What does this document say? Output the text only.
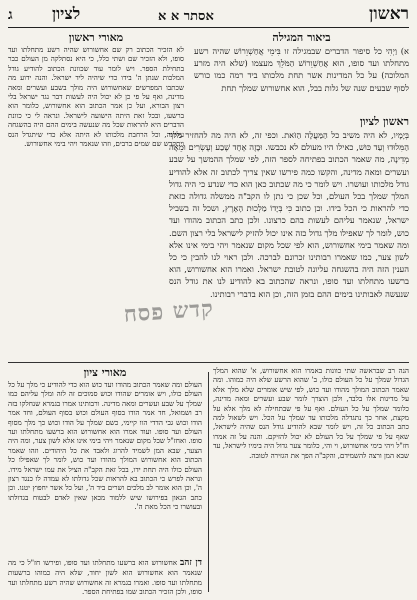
ראשון
אסתר א א
לציון
ג
ביאור המגילה

א) וַיְהִי כל סיפור הדברים שבמגילה זו בִּימֵי אֲחַשְׁוֵרוֹשׁ שהיה רשע מתחלתו ועד סופו, הוּא אֲחַשְׁוֵרוֹשׁ הַמֹּלֵךְ מעצמו (שלא היה מזרע המלוכה) על כל המדינות אשר תחת מלכותו ביד רמה כמו כורש לסוף שבעים שנה של גלות בבל, הוא אחשורוש שמלך תחת

ראשון לציון

בְּיָמָיו, לא היה משיב כל הַמַּעֲלָה הַזֹּאת. וכפי זה, לא היה מה להחזיר מלך הַמִּלוּדוּ וְעַד כּוּשׁ, כאילו היו מעולם לא נכבשו. וּבָזֶה אֶחָד שֶׁבַע וְעֶשְׂרִים וּמֵאָה מְדִינָה, מה שאמר הכתוב בפתיחה לספר הזה, לפי שמלך ההמשך על שבע ועשרים ומאה מדינה, והקשו כמה פירשו שאין צריך לכתוב זה אלא להודיע גודל מלכותו ועושרו. ויש לומר כי מה שכתוב כאן הוא כדי שנדע כי היה גדול המלך שמלך בכל העולם, וכל שכן כי נתן לו הקב"ה ממשלה גדולה כזאת כדי להראות כי הכל בידו. וכן כתוב כִּי בְּיָדוֹ מַלְכוּת הָאָרֶץ, ושכל זה בשביל ישראל, שנאמר עליהם לעשות בהם כרצונו. ולכן כתב הכתוב מהודו ועד כוש, לומר לך שאפילו מלך גדול כזה אינו יכול להזיק לישראל בלי רצון השם. ומה שאמר בימי אחשורוש, הוא לפי שכל מקום שנאמר ויהי בימי אינו אלא לשון צער, כמו שאמרו רבותינו זכרונם לברכה. ולכן ראוי לנו להבין כי כל הענין הזה היה בהשגחה עליונה לטובת ישראל. ואמרו הוא אחשורוש, הוא ברשעו מתחלתו ועד סופו, ונראה שהכתוב בא להודיע לנו את גודל הנס שנעשה לאבותינו בימים ההם בזמן הזה, וכן הוא בדברי רבותינו.

קדש פסח
מאורי ראשון

לא הזכיר הכתוב רק שם אחשורוש שהיה רשע מתחלתו ועד סופו, ולא הזכיר שם ושתי כלל, כי היא נסתלקה מן העולם כבר בתחילת הספר. ויש לומר עוד שכוונת הכתוב להודיע גודל המלכות שנתן ה' בידו כדי שיהיה ליד ישראל. והנה ידוע מה שכתבו המפרשים שאחשורוש היה מולך בשבע ועשרים ומאה מדינה, ואף על פי כן לא יכול היה לעשות דבר נגד ישראל בלי רצון הבורא, ועל כן אמר הכתוב הוא אחשורוש, כלומר הוא ברשעו, ובכל זאת היתה הישועה לישראל. ונראה לי כי כוונת הדברים היא להראות שכל מה שנעשה בימים ההם היה בהשגחה עליונה, וכל הרחבת מלכותו לא היתה אלא כדי שיתגדל הנס ויתקדש שם שמים ברבים, וזהו שנאמר ויהי בימי אחשורוש.

הנה רב שבראשה שתי כוונות באמרו הוא אחשורוש, א' שהוא המלך הגדול שמלך על כל העולם כולו, ב' שהוא הרשע שלא היה כמוהו. ומה שאמר הכתוב המולך מהודו ועד כוש, לפי שיש אומרים שלא מלך אלא על מדינות אלו בלבד, ולכן הוצרך לומר שבע ועשרים ומאה מדינה, כלומר שמלך על כל העולם. ואף על פי שבתחילה לא מלך אלא על מקצת, אחר כך נתגדלה מלכותו עד שמלך על הכל. ויש לשאול למה כתב הכתוב כל זה, ויש לומר שבא להודיע גודל הנס שהיה לישראל, שאף על פי שמלך על כל העולם לא יכול להזיקם. והנה על זה אמרו חז"ל ויהי בימי אחשורוש, וי והי, כלומר צער גדול היה בימיו לישראל, עד שבא המן ורצה להשמידם, והקב"ה הפך את הגזירה לטובה.

מאורי ציון

העולם ומה שאמר הכתוב מהודו ועד כוש הוא כדי להודיע כי מלך על כל העולם כולו, ויש אומרים שהודו וכוש סמוכים זה לזה ומלך עליהם כמו שמלך על שבע ועשרים ומאה מדינה. ורבותינו אמרו בגמרא שנחלקו בזה רב ושמואל, חד אמר הודו בסוף העולם וכוש בסוף העולם, וחד אמר הודו וכוש גבי הדדי הוו קיימי, כשם שמלך על הודו וכוש כך מלך מסוף העולם ועד סופו. ועוד אמרו הוא אחשורוש הוא ברשעו מתחלתו ועד סופו. ואחז"ל שכל מקום שנאמר ויהי בימי אינו אלא לשון צער, ומה היה הצער, שבא המן לשמיד להרוג ולאבד את כל היהודים. וזהו שאמר הכתוב הוא אחשורוש המולך מהודו ועד כוש, לומר לך שאפילו כל העולם כולו היה תחת ידו, בכל זאת הקב"ה הציל את עמו ישראל מידו. ונראה לפרש כי הכתוב בא להראות שכל גדולתו לא עמדה לו כנגד רצון ה', וכן הוא אומר לב מלכים ושרים ביד ה', ועל כל אשר יחפוץ יטנו. וכן כתב הגאון בפירושו שיש ללמוד מכאן שאין לאדם לבטוח בגדולתו ובעושרו כי הכל מאת ה'.

דן זהב אחשורוש הוא ברשעו מתחלתו ועד סופו, ופירשו חז"ל כי מה שנאמר הוא אחשורוש הוא לשון יחוד, שלא היה כמוהו ברשעות מתחלתו ועד סופו. ואמרו בגמרא זה אחשורוש שהיה רשע מתחלתו ועד סופו, ולכן הזכיר הכתוב שמו בפתיחת הספר.
